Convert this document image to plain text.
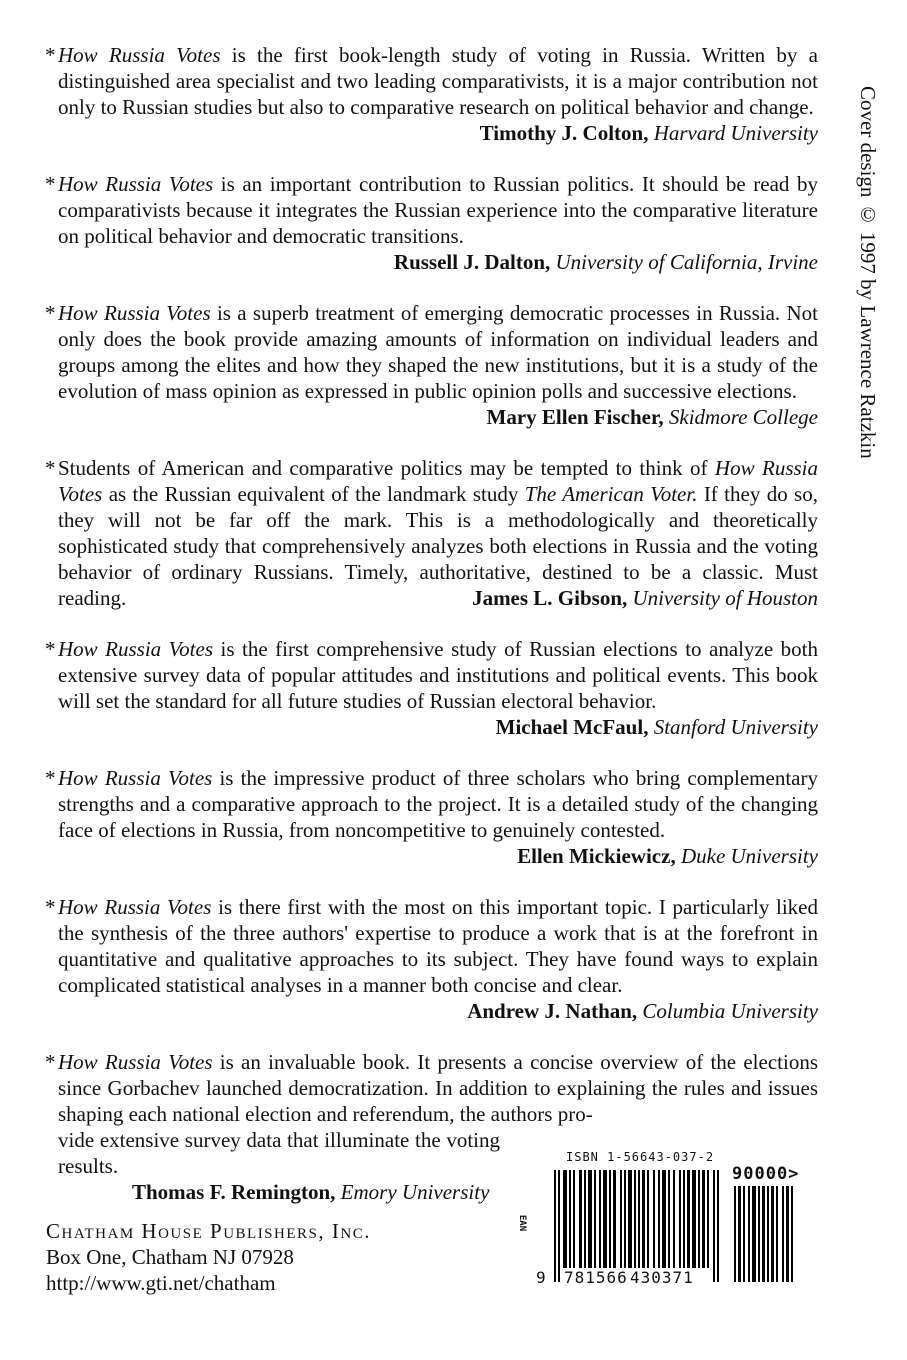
* How Russia Votes is the first book-length study of voting in Russia. Written by a distinguished area specialist and two leading comparativists, it is a major contribution not only to Russian studies but also to comparative research on political behavior and change.
Timothy J. Colton, Harvard University

* How Russia Votes is an important contribution to Russian politics. It should be read by comparativists because it integrates the Russian experience into the comparative literature on political behavior and democratic transitions.
Russell J. Dalton, University of California, Irvine

* How Russia Votes is a superb treatment of emerging democratic processes in Russia. Not only does the book provide amazing amounts of information on individual leaders and groups among the elites and how they shaped the new institutions, but it is a study of the evolution of mass opinion as expressed in public opinion polls and successive elections.
Mary Ellen Fischer, Skidmore College

* Students of American and comparative politics may be tempted to think of How Russia Votes as the Russian equivalent of the landmark study The American Voter. If they do so, they will not be far off the mark. This is a methodologically and theoretically sophisticated study that comprehensively analyzes both elections in Russia and the voting behavior of ordinary Russians. Timely, authoritative, destined to be a classic. Must reading.	James L. Gibson, University of Houston

* How Russia Votes is the first comprehensive study of Russian elections to analyze both extensive survey data of popular attitudes and institutions and political events. This book will set the standard for all future studies of Russian electoral behavior.
Michael McFaul, Stanford University

* How Russia Votes is the impressive product of three scholars who bring complementary strengths and a comparative approach to the project. It is a detailed study of the changing face of elections in Russia, from noncompetitive to genuinely contested.
Ellen Mickiewicz, Duke University

* How Russia Votes is there first with the most on this important topic. I particularly liked the synthesis of the three authors' expertise to produce a work that is at the forefront in quantitative and qualitative approaches to its subject. They have found ways to explain complicated statistical analyses in a manner both concise and clear.
Andrew J. Nathan, Columbia University

* How Russia Votes is an invaluable book. It presents a concise overview of the elections since Gorbachev launched democratization. In addition to explaining the rules and issues shaping each national election and referendum, the authors pro-

vide extensive survey data that illuminate the voting results.
Thomas F. Remington, Emory University

Cover design © 1997 by Lawrence Ratzkin
Chatham House Publishers, Inc.
Box One, Chatham NJ 07928
http://www.gti.net/chatham
ISBN 1-56643-037-2
90000>
EAN
9 781566 430371
